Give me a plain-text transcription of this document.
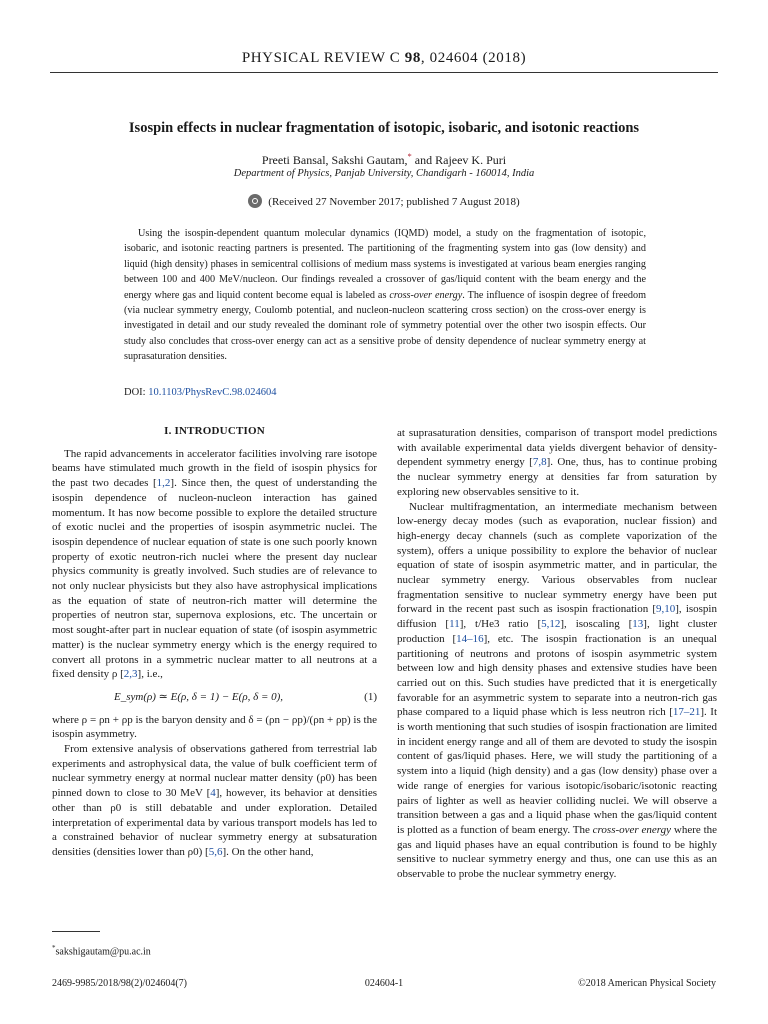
PHYSICAL REVIEW C 98, 024604 (2018)
Isospin effects in nuclear fragmentation of isotopic, isobaric, and isotonic reactions
Preeti Bansal, Sakshi Gautam,* and Rajeev K. Puri
Department of Physics, Panjab University, Chandigarh - 160014, India
(Received 27 November 2017; published 7 August 2018)

Using the isospin-dependent quantum molecular dynamics (IQMD) model, a study on the fragmentation of isotopic, isobaric, and isotonic reacting partners is presented. The partitioning of the fragmenting system into gas (low density) and liquid (high density) phases in semicentral collisions of medium mass systems is investigated at various beam energies ranging between 100 and 400 MeV/nucleon. Our findings revealed a crossover of gas/liquid content with the beam energy and the energy where gas and liquid content become equal is labeled as cross-over energy. The influence of isospin degree of freedom (via nuclear symmetry energy, Coulomb potential, and nucleon-nucleon scattering cross section) on the cross-over energy is investigated in detail and our study revealed the dominant role of symmetry potential over the other two isospin effects. Our study also concludes that cross-over energy can act as a sensitive probe of density dependence of nuclear symmetry energy at suprasaturation densities.

DOI: 10.1103/PhysRevC.98.024604
I. INTRODUCTION

The rapid advancements in accelerator facilities involving rare isotope beams have stimulated much growth in the field of isospin physics for the past two decades [1,2]. Since then, the quest of understanding the isospin dependence of nucleon-nucleon interaction has gained momentum. It has now become possible to explore the detailed structure of exotic nuclei and the properties of isospin asymmetric nuclei. The isospin dependence of nuclear equation of state is one such poorly known property of exotic neutron-rich nuclei where the present day nuclear physics community is greatly involved. Such studies are of relevance to not only nuclear physicists but they also have astrophysical implications as the equation of state of neutron-rich matter will determine the properties of neutron star, supernova explosions, etc. The uncertain or most sought-after part in nuclear equation of state (of isospin asymmetric matter) is the nuclear symmetry energy which is the energy required to convert all protons in a symmetric nuclear matter to all neutrons at a fixed density ρ [2,3], i.e.,

E_sym(ρ) ≃ E(ρ, δ = 1) − E(ρ, δ = 0),	(1)

where ρ = ρn + ρp is the baryon density and δ = (ρn − ρp)/(ρn + ρp) is the isospin asymmetry.

From extensive analysis of observations gathered from terrestrial lab experiments and astrophysical data, the value of bulk coefficient term of nuclear symmetry energy at normal nuclear matter density (ρ0) has been pinned down to close to 30 MeV [4], however, its behavior at densities other than ρ0 is still debatable and under exploration. Detailed interpretation of experimental data by various transport models has led to a constrained behavior of nuclear symmetry energy at subsaturation densities (densities lower than ρ0) [5,6]. On the other hand,

at suprasaturation densities, comparison of transport model predictions with available experimental data yields divergent behavior of density-dependent symmetry energy [7,8]. One, thus, has to continue probing the nuclear symmetry energy at densities far from saturation by exploring new observables sensitive to it.

Nuclear multifragmentation, an intermediate mechanism between low-energy decay modes (such as evaporation, nuclear fission) and high-energy decay channels (such as complete vaporization of the system), offers a unique possibility to explore the behavior of nuclear equation of state of isospin asymmetric matter, and in particular, the nuclear symmetry energy. Various observables from nuclear fragmentation sensitive to nuclear symmetry energy have been put forward in the recent past such as isospin fractionation [9,10], isospin diffusion [11], t/He3 ratio [5,12], isoscaling [13], light cluster production [14–16], etc. The isospin fractionation is an unequal partitioning of neutrons and protons of isospin asymmetric system between low and high density phases and extensive studies have been carried out on this. Such studies have predicted that it is energetically favorable for an asymmetric system to separate into a neutron-rich gas phase compared to a liquid phase which is less neutron rich [17–21]. It is worth mentioning that such studies of isospin fractionation are limited in incident energy range and all of them are devoted to study the isospin content of gas/liquid phases. Here, we will study the partitioning of a system into a liquid (high density) and a gas (low density) phase over a wide range of energies for various isotopic/isobaric/isotonic reacting pairs of lighter as well as heavier colliding nuclei. We will observe a transition between a gas and a liquid phase when the gas/liquid content is plotted as a function of beam energy. The cross-over energy where the gas and liquid phases have an equal contribution is found to be highly sensitive to nuclear symmetry energy and thus, one can use this as an observable to probe the nuclear symmetry energy.

*sakshigautam@pu.ac.in
2469-9985/2018/98(2)/024604(7)	024604-1	©2018 American Physical Society
